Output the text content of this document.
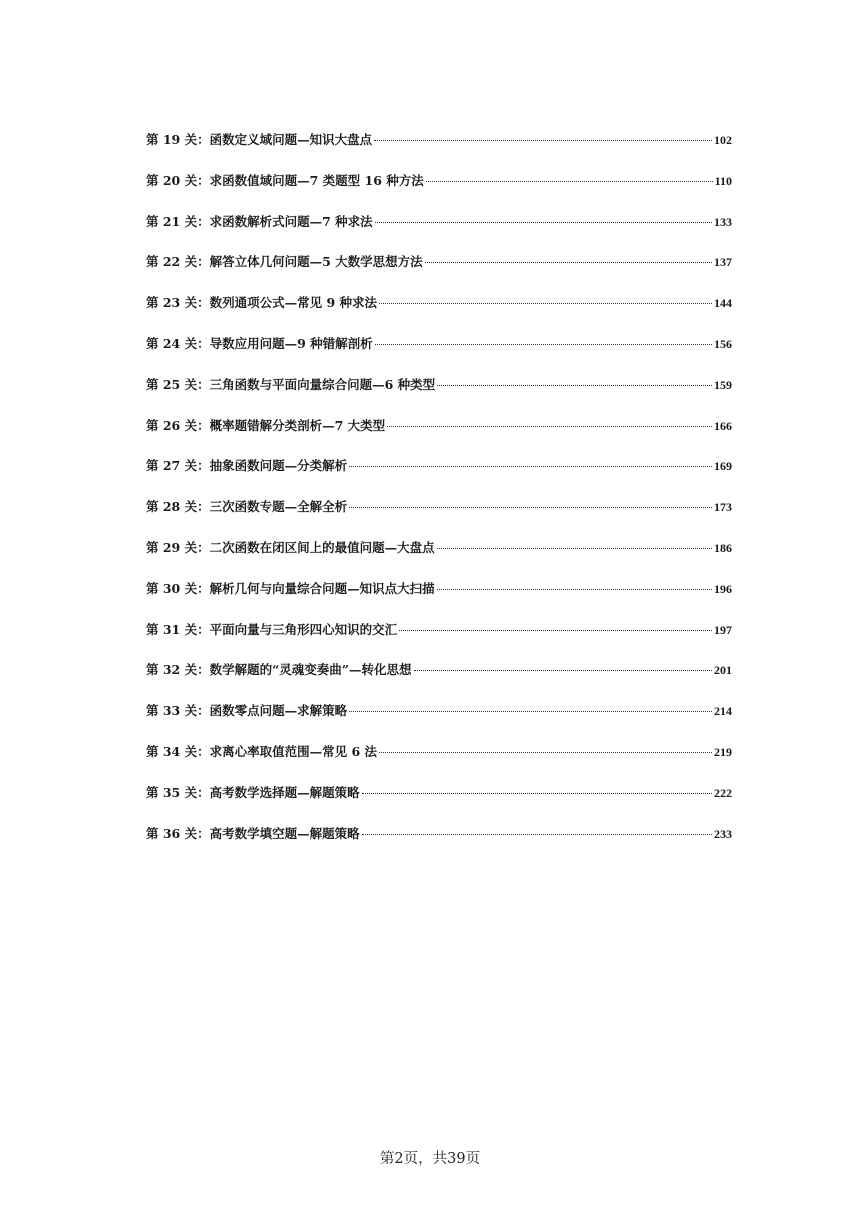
第 19 关： 函数定义域问题—知识大盘点	102
第 20 关： 求函数值域问题—7 类题型 16 种方法	110
第 21 关： 求函数解析式问题—7 种求法	133
第 22 关： 解答立体几何问题—5 大数学思想方法	137
第 23 关： 数列通项公式—常见 9 种求法	144
第 24 关： 导数应用问题—9 种错解剖析	156
第 25 关： 三角函数与平面向量综合问题—6 种类型	159
第 26 关： 概率题错解分类剖析—7 大类型	166
第 27 关： 抽象函数问题—分类解析	169
第 28 关： 三次函数专题—全解全析	173
第 29 关： 二次函数在闭区间上的最值问题—大盘点	186
第 30 关： 解析几何与向量综合问题—知识点大扫描	196
第 31 关： 平面向量与三角形四心知识的交汇	197
第 32 关： 数学解题的“灵魂变奏曲”—转化思想	201
第 33 关： 函数零点问题—求解策略	214
第 34 关： 求离心率取值范围—常见 6 法	219
第 35 关： 高考数学选择题—解题策略	222
第 36 关： 高考数学填空题—解题策略	233
第2页，共39页
